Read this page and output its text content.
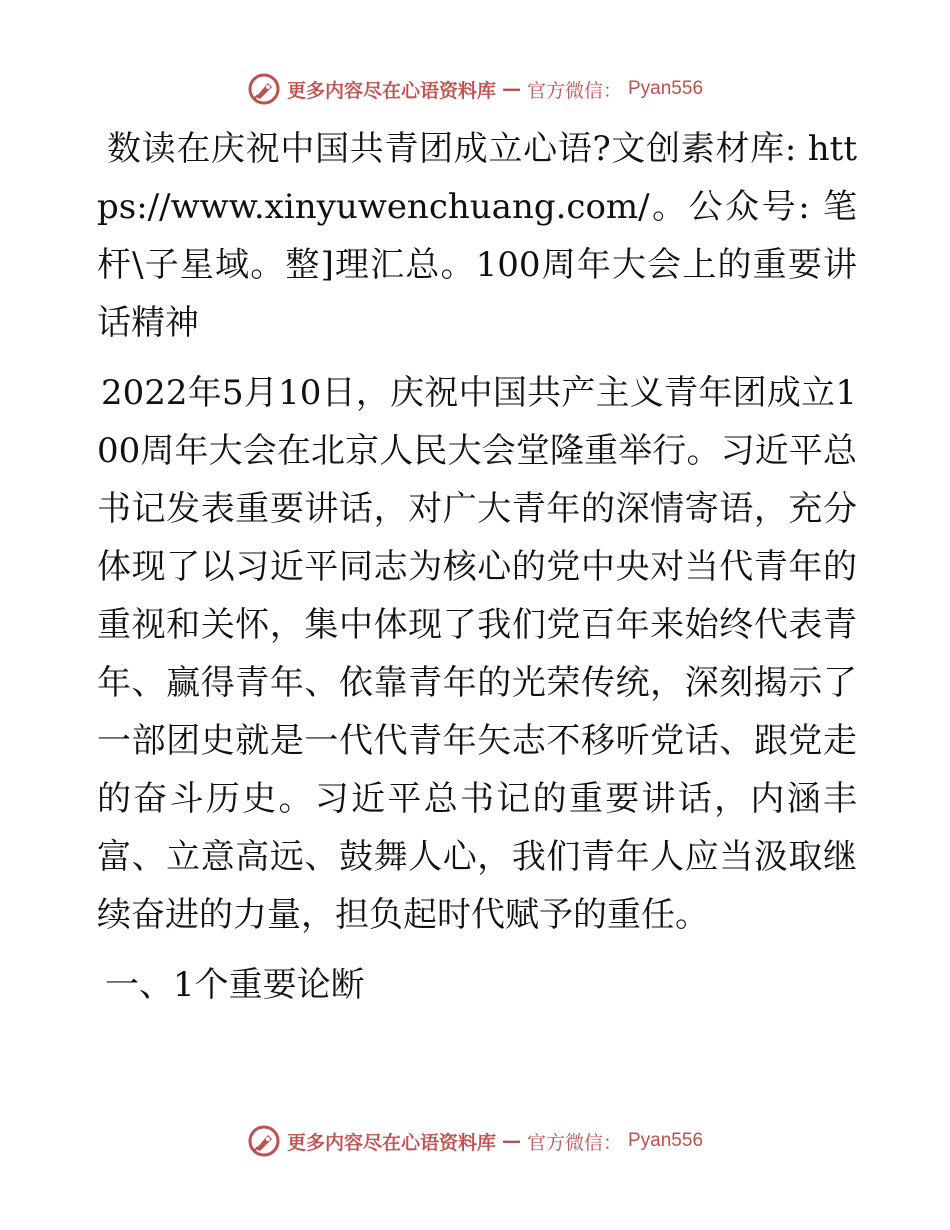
更多内容尽在心语资料库 — 官方微信： Pyan556

数读在庆祝中国共青团成立心语?文创素材库: https://www.xinyuwenchuang.com/。公众号: 笔杆\子星域。整]理汇总。100周年大会上的重要讲话精神

2022年5月10日，庆祝中国共产主义青年团成立100周年大会在北京人民大会堂隆重举行。习近平总书记发表重要讲话，对广大青年的深情寄语，充分体现了以习近平同志为核心的党中央对当代青年的重视和关怀，集中体现了我们党百年来始终代表青年、赢得青年、依靠青年的光荣传统，深刻揭示了一部团史就是一代代青年矢志不移听党话、跟党走的奋斗历史。习近平总书记的重要讲话，内涵丰富、立意高远、鼓舞人心，我们青年人应当汲取继续奋进的力量，担负起时代赋予的重任。

一、1个重要论断

更多内容尽在心语资料库 — 官方微信： Pyan556
